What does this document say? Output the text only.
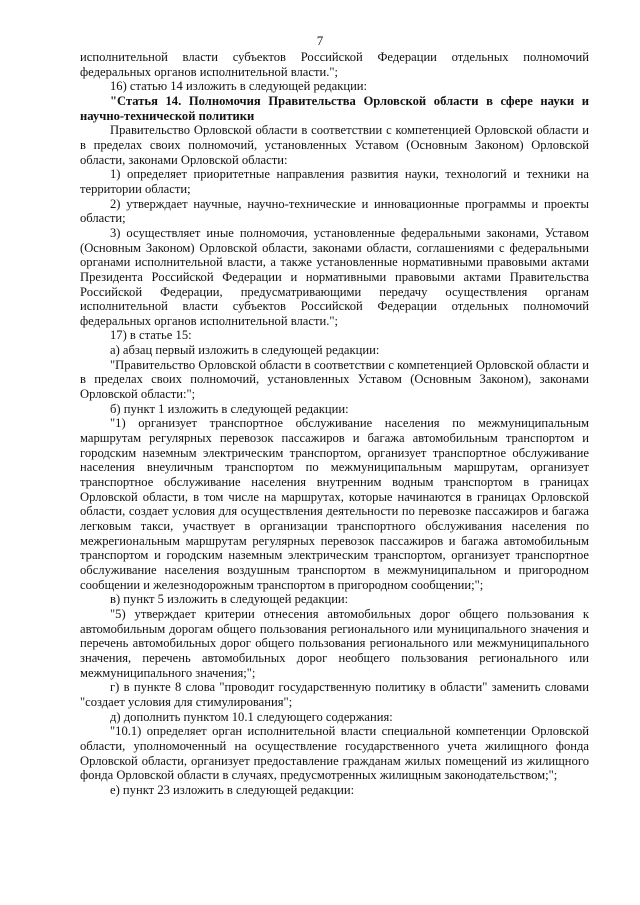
7

исполнительной власти субъектов Российской Федерации отдельных полномочий федеральных органов исполнительной власти.";

16) статью 14 изложить в следующей редакции:

"Статья 14. Полномочия Правительства Орловской области в сфере науки и научно-технической политики

Правительство Орловской области в соответствии с компетенцией Орловской области и в пределах своих полномочий, установленных Уставом (Основным Законом) Орловской области, законами Орловской области:

1) определяет приоритетные направления развития науки, технологий и техники на территории области;

2) утверждает научные, научно-технические и инновационные программы и проекты области;

3) осуществляет иные полномочия, установленные федеральными законами, Уставом (Основным Законом) Орловской области, законами области, соглашениями с федеральными органами исполнительной власти, а также установленные нормативными правовыми актами Президента Российской Федерации и нормативными правовыми актами Правительства Российской Федерации, предусматривающими передачу осуществления органам исполнительной власти субъектов Российской Федерации отдельных полномочий федеральных органов исполнительной власти.";

17) в статье 15:

а) абзац первый изложить в следующей редакции:

"Правительство Орловской области в соответствии с компетенцией Орловской области и в пределах своих полномочий, установленных Уставом (Основным Законом), законами Орловской области:";

б) пункт 1 изложить в следующей редакции:

"1) организует транспортное обслуживание населения по межмуниципальным маршрутам регулярных перевозок пассажиров и багажа автомобильным транспортом и городским наземным электрическим транспортом, организует транспортное обслуживание населения внеуличным транспортом по межмуниципальным маршрутам, организует транспортное обслуживание населения внутренним водным транспортом в границах Орловской области, в том числе на маршрутах, которые начинаются в границах Орловской области, создает условия для осуществления деятельности по перевозке пассажиров и багажа легковым такси, участвует в организации транспортного обслуживания населения по межрегиональным маршрутам регулярных перевозок пассажиров и багажа автомобильным транспортом и городским наземным электрическим транспортом, организует транспортное обслуживание населения воздушным транспортом в межмуниципальном и пригородном сообщении и железнодорожным транспортом в пригородном сообщении;";

в) пункт 5 изложить в следующей редакции:

"5) утверждает критерии отнесения автомобильных дорог общего пользования к автомобильным дорогам общего пользования регионального или муниципального значения и перечень автомобильных дорог общего пользования регионального или межмуниципального значения, перечень автомобильных дорог необщего пользования регионального или межмуниципального значения;";

г) в пункте 8 слова "проводит государственную политику в области" заменить словами "создает условия для стимулирования";

д) дополнить пунктом 10.1 следующего содержания:

"10.1) определяет орган исполнительной власти специальной компетенции Орловской области, уполномоченный на осуществление государственного учета жилищного фонда Орловской области, организует предоставление гражданам жилых помещений из жилищного фонда Орловской области в случаях, предусмотренных жилищным законодательством;";

е) пункт 23 изложить в следующей редакции:
